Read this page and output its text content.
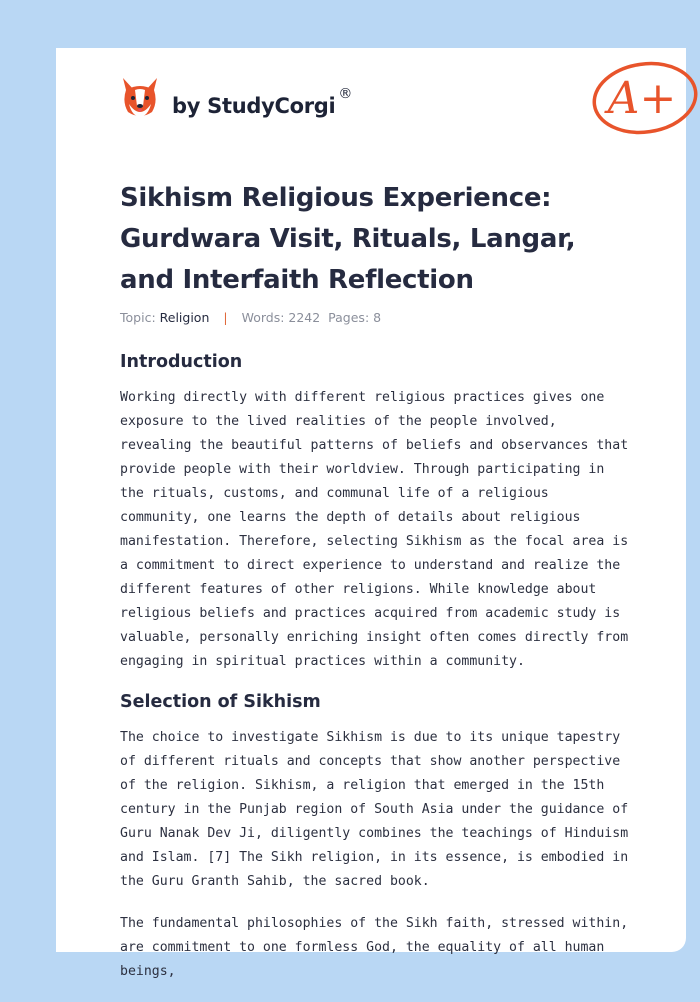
by StudyCorgi ®	A+
Sikhism Religious Experience: Gurdwara Visit, Rituals, Langar, and Interfaith Reflection
Topic: Religion | Words: 2242 Pages: 8
Introduction

Working directly with different religious practices gives one exposure to the lived realities of the people involved, revealing the beautiful patterns of beliefs and observances that provide people with their worldview. Through participating in the rituals, customs, and communal life of a religious community, one learns the depth of details about religious manifestation. Therefore, selecting Sikhism as the focal area is a commitment to direct experience to understand and realize the different features of other religions. While knowledge about religious beliefs and practices acquired from academic study is valuable, personally enriching insight often comes directly from engaging in spiritual practices within a community.

Selection of Sikhism

The choice to investigate Sikhism is due to its unique tapestry of different rituals and concepts that show another perspective of the religion. Sikhism, a religion that emerged in the 15th century in the Punjab region of South Asia under the guidance of Guru Nanak Dev Ji, diligently combines the teachings of Hinduism and Islam. [7] The Sikh religion, in its essence, is embodied in the Guru Granth Sahib, the sacred book.

The fundamental philosophies of the Sikh faith, stressed within, are commitment to one formless God, the equality of all human beings,
